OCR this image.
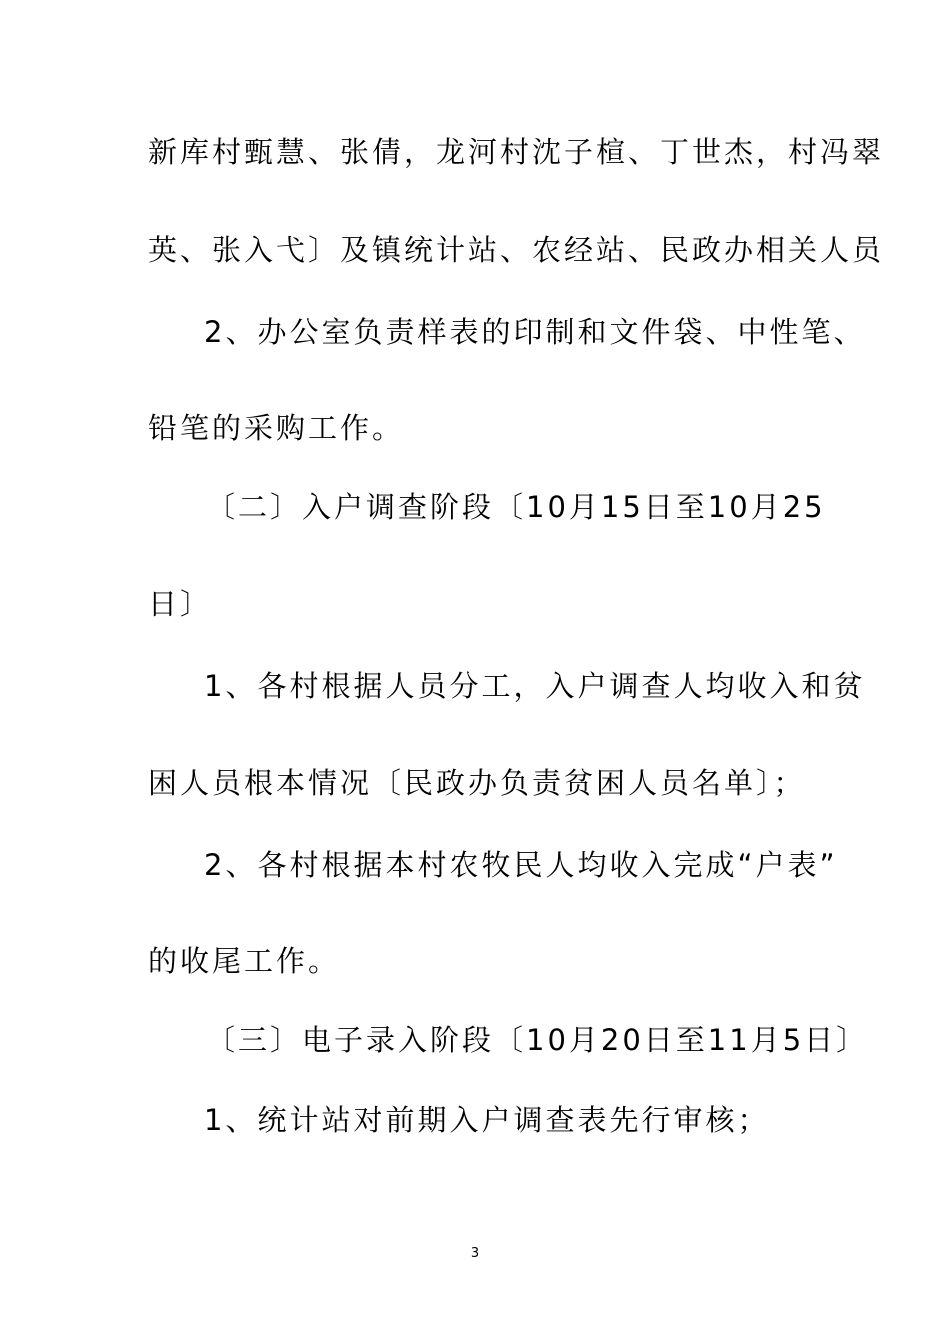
新库村甄慧、张倩，龙河村沈子楦、丁世杰，村冯翠
英、张入弋〕及镇统计站、农经站、民政办相关人员
2、办公室负责样表的印制和文件袋、中性笔、
铅笔的采购工作。
〔二〕入户调查阶段〔10月15日至10月25
日〕
1、各村根据人员分工，入户调查人均收入和贫
困人员根本情况〔民政办负责贫困人员名单〕；
2、各村根据本村农牧民人均收入完成“户表”
的收尾工作。
〔三〕电子录入阶段〔10月20日至11月5日〕
1、统计站对前期入户调查表先行审核；
3
